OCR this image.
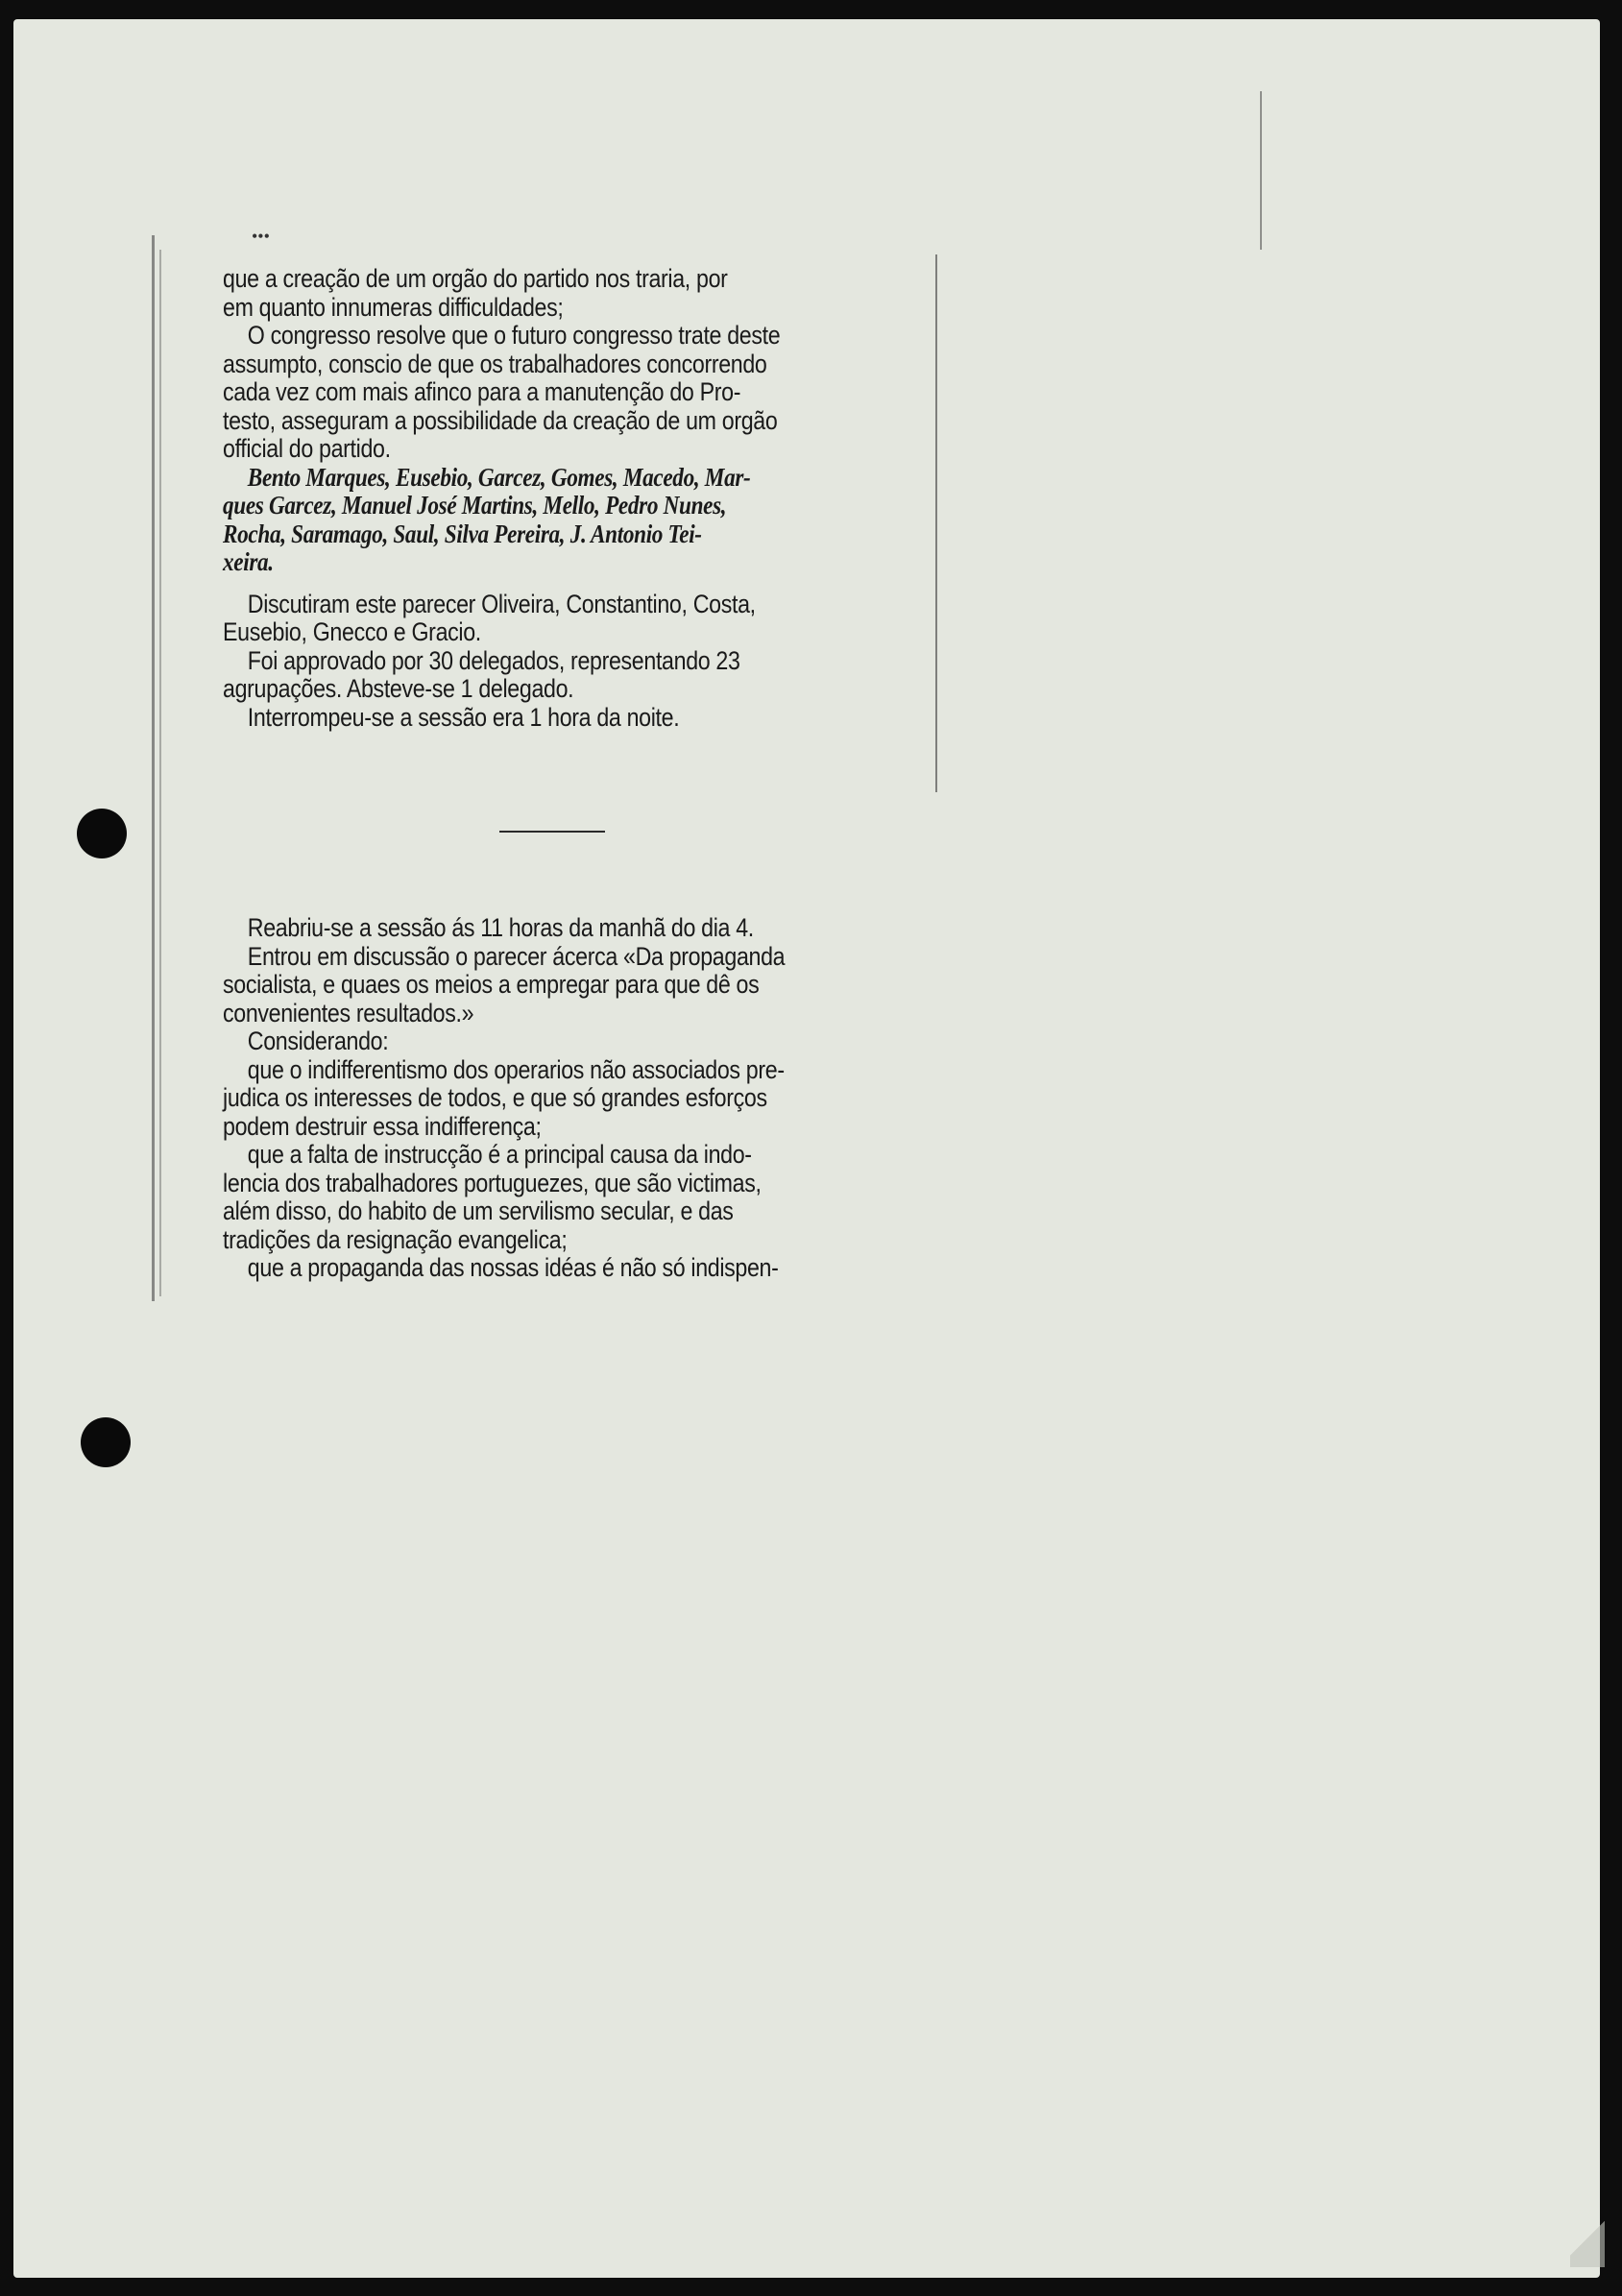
•••

que a creação de um orgão do partido nos traria, por

em quanto innumeras difficuldades;

O congresso resolve que o futuro congresso trate deste

assumpto, conscio de que os trabalhadores concorrendo

cada vez com mais afinco para a manutenção do Pro-

testo, asseguram a possibilidade da creação de um orgão

official do partido.

Bento Marques, Eusebio, Garcez, Gomes, Macedo, Mar-

ques Garcez, Manuel José Martins, Mello, Pedro Nunes,

Rocha, Saramago, Saul, Silva Pereira, J. Antonio Tei-

xeira.

Discutiram este parecer Oliveira, Constantino, Costa,

Eusebio, Gnecco e Gracio.

Foi approvado por 30 delegados, representando 23

agrupações. Absteve-se 1 delegado.

Interrompeu-se a sessão era 1 hora da noite.

Reabriu-se a sessão ás 11 horas da manhã do dia 4.

Entrou em discussão o parecer ácerca «Da propaganda

socialista, e quaes os meios a empregar para que dê os

convenientes resultados.»

Considerando:

que o indifferentismo dos operarios não associados pre-

judica os interesses de todos, e que só grandes esforços

podem destruir essa indifferença;

que a falta de instrucção é a principal causa da indo-

lencia dos trabalhadores portuguezes, que são victimas,

além disso, do habito de um servilismo secular, e das

tradições da resignação evangelica;

que a propaganda das nossas idéas é não só indispen-
